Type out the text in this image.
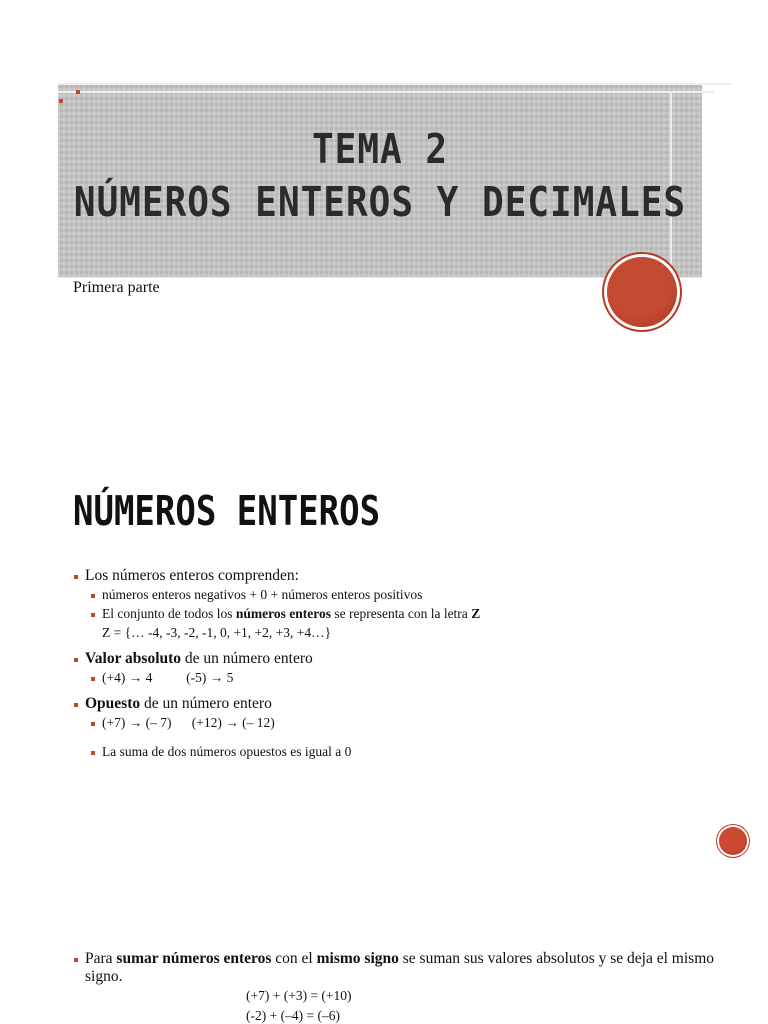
TEMA 2
NÚMEROS ENTEROS Y DECIMALES
Primera parte
NÚMEROS ENTEROS
Los números enteros comprenden:
números enteros negativos + 0 + números enteros positivos
El conjunto de todos los números enteros se representa con la letra Z
Z = {… -4, -3, -2, -1, 0, +1, +2, +3, +4…}
Valor absoluto de un número entero
(+4) → 4          (-5) → 5
Opuesto de un número entero
(+7) → (– 7)      (+12) → (– 12)
La suma de dos números opuestos es igual a 0
Para sumar números enteros con el mismo signo se suman sus valores absolutos y se deja el mismo signo.
(+7) + (+3) = (+10)
(-2) + (–4) = (–6)
